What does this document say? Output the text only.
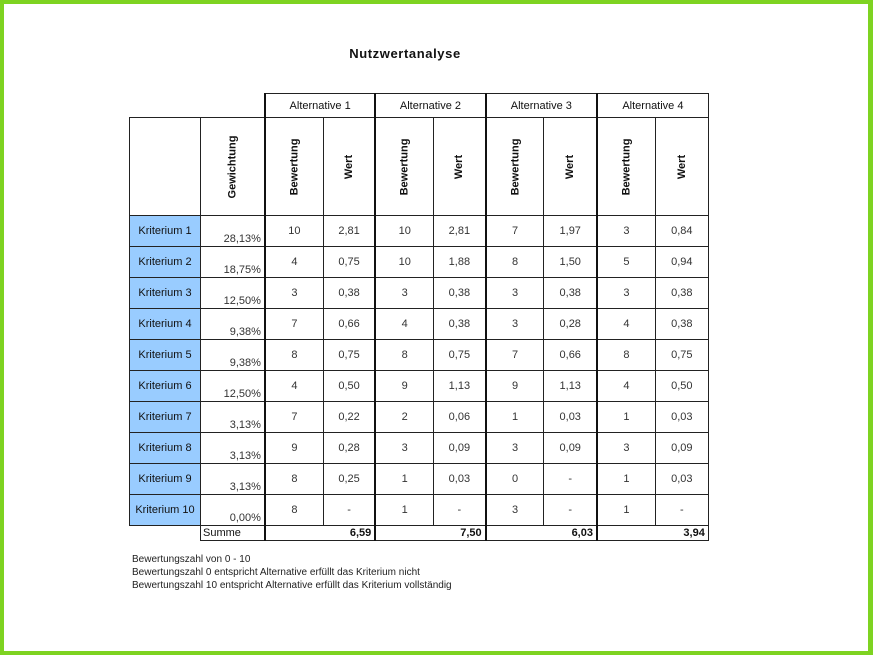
Nutzwertanalyse
		Alternative 1		Alternative 2		Alternative 3		Alternative 4	
	Gewichtung	Bewertung	Wert	Bewertung	Wert	Bewertung	Wert	Bewertung	Wert
Kriterium 1	28,13%	10	2,81	10	2,81	7	1,97	3	0,84
Kriterium 2	18,75%	4	0,75	10	1,88	8	1,50	5	0,94
Kriterium 3	12,50%	3	0,38	3	0,38	3	0,38	3	0,38
Kriterium 4	9,38%	7	0,66	4	0,38	3	0,28	4	0,38
Kriterium 5	9,38%	8	0,75	8	0,75	7	0,66	8	0,75
Kriterium 6	12,50%	4	0,50	9	1,13	9	1,13	4	0,50
Kriterium 7	3,13%	7	0,22	2	0,06	1	0,03	1	0,03
Kriterium 8	3,13%	9	0,28	3	0,09	3	0,09	3	0,09
Kriterium 9	3,13%	8	0,25	1	0,03	0	-	1	0,03
Kriterium 10	0,00%	8	-	1	-	3	-	1	-
	Summe	6,59		7,50		6,03		3,94	
Bewertungszahl von 0 - 10
Bewertungszahl 0 entspricht Alternative erfüllt das Kriterium nicht
Bewertungszahl 10 entspricht Alternative erfüllt das Kriterium vollständig
